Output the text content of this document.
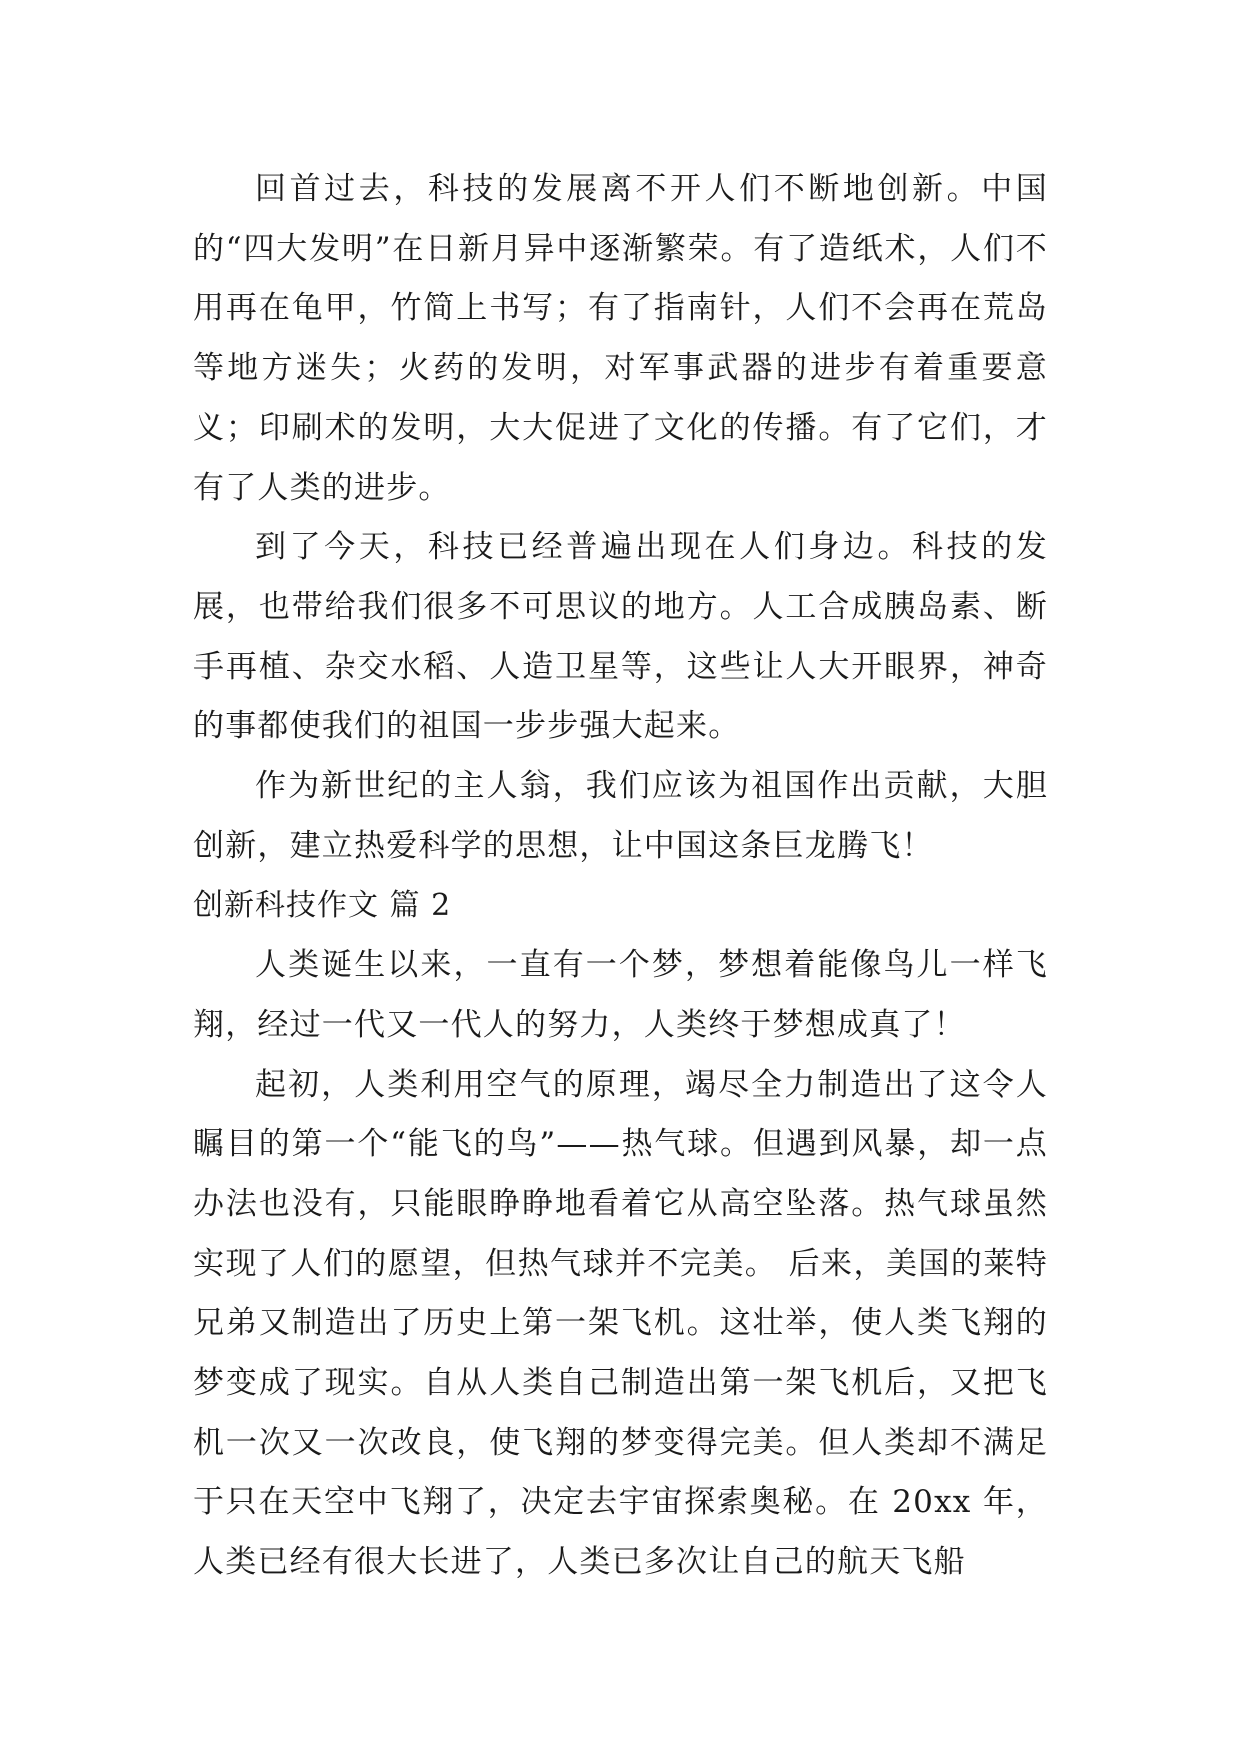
回首过去，科技的发展离不开人们不断地创新。中国的“四大发明”在日新月异中逐渐繁荣。有了造纸术，人们不用再在龟甲，竹简上书写；有了指南针，人们不会再在荒岛等地方迷失；火药的发明，对军事武器的进步有着重要意义；印刷术的发明，大大促进了文化的传播。有了它们，才有了人类的进步。

到了今天，科技已经普遍出现在人们身边。科技的发展，也带给我们很多不可思议的地方。人工合成胰岛素、断手再植、杂交水稻、人造卫星等，这些让人大开眼界，神奇的事都使我们的祖国一步步强大起来。

作为新世纪的主人翁，我们应该为祖国作出贡献，大胆创新，建立热爱科学的思想，让中国这条巨龙腾飞！

创新科技作文 篇 2

人类诞生以来，一直有一个梦，梦想着能像鸟儿一样飞翔，经过一代又一代人的努力，人类终于梦想成真了！

起初，人类利用空气的原理，竭尽全力制造出了这令人瞩目的第一个“能飞的鸟”——热气球。但遇到风暴，却一点办法也没有，只能眼睁睁地看着它从高空坠落。热气球虽然实现了人们的愿望，但热气球并不完美。 后来，美国的莱特兄弟又制造出了历史上第一架飞机。这壮举，使人类飞翔的梦变成了现实。自从人类自己制造出第一架飞机后，又把飞机一次又一次改良，使飞翔的梦变得完美。但人类却不满足于只在天空中飞翔了，决定去宇宙探索奥秘。在 20xx 年，人类已经有很大长进了，人类已多次让自己的航天飞船
